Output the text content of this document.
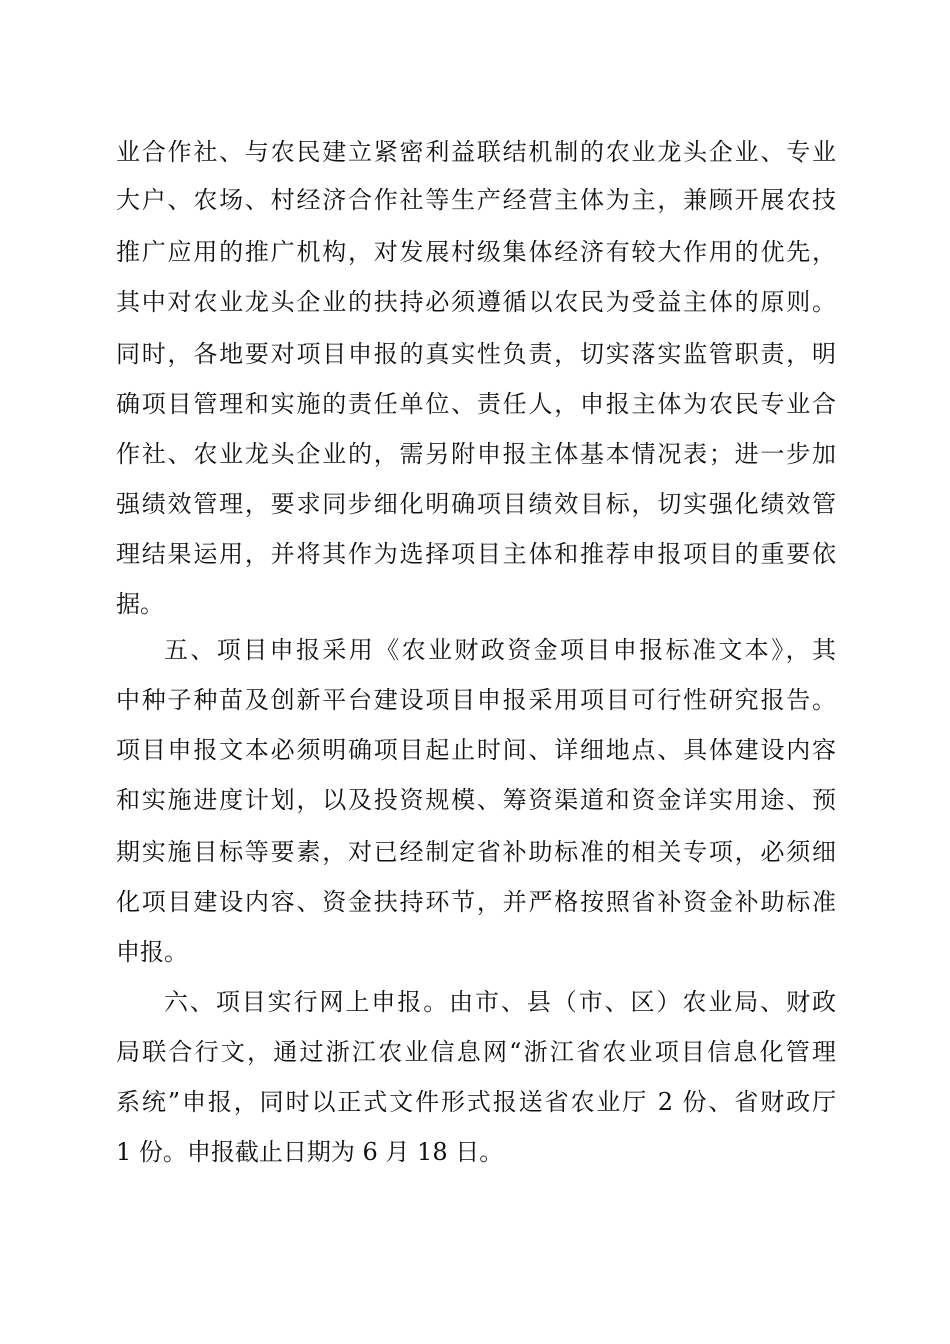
业合作社、与农民建立紧密利益联结机制的农业龙头企业、专业
大户、农场、村经济合作社等生产经营主体为主，兼顾开展农技
推广应用的推广机构，对发展村级集体经济有较大作用的优先，
其中对农业龙头企业的扶持必须遵循以农民为受益主体的原则。
同时，各地要对项目申报的真实性负责，切实落实监管职责，明
确项目管理和实施的责任单位、责任人，申报主体为农民专业合
作社、农业龙头企业的，需另附申报主体基本情况表；进一步加
强绩效管理，要求同步细化明确项目绩效目标，切实强化绩效管
理结果运用，并将其作为选择项目主体和推荐申报项目的重要依
据。
五、项目申报采用《农业财政资金项目申报标准文本》，其
中种子种苗及创新平台建设项目申报采用项目可行性研究报告。
项目申报文本必须明确项目起止时间、详细地点、具体建设内容
和实施进度计划，以及投资规模、筹资渠道和资金详实用途、预
期实施目标等要素，对已经制定省补助标准的相关专项，必须细
化项目建设内容、资金扶持环节，并严格按照省补资金补助标准
申报。
六、项目实行网上申报。由市、县（市、区）农业局、财政
局联合行文，通过浙江农业信息网“浙江省农业项目信息化管理
系统”申报，同时以正式文件形式报送省农业厅 2 份、省财政厅
1 份。申报截止日期为 6 月 18 日。
